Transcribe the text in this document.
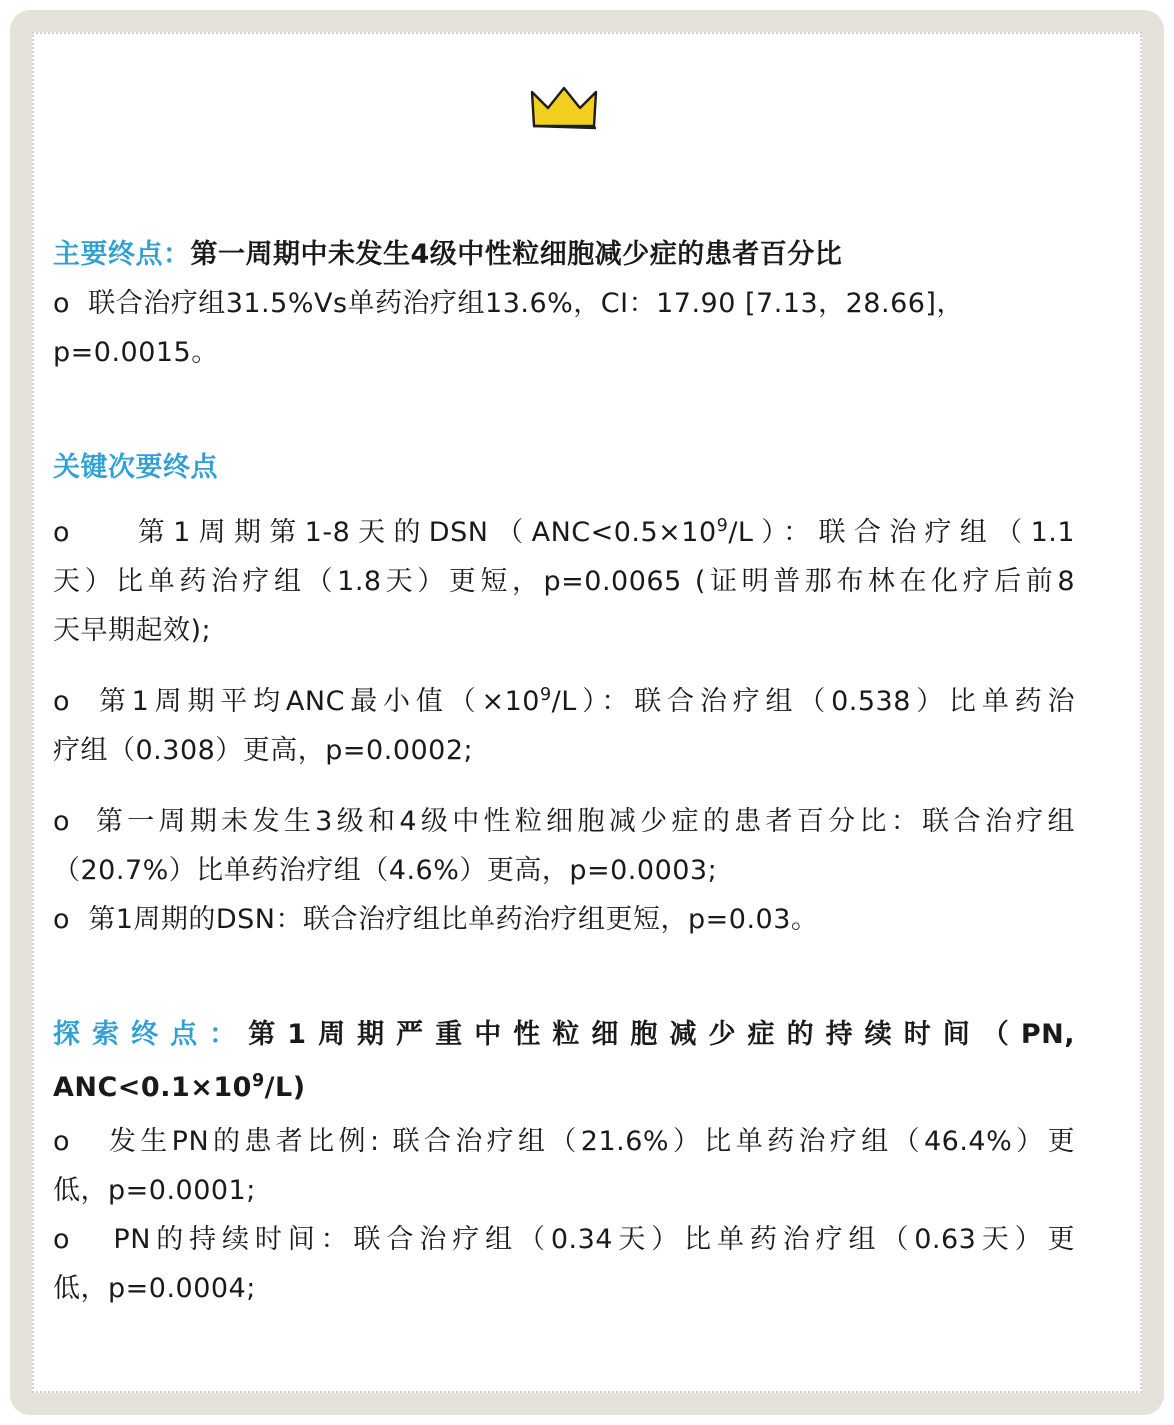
主要终点：第一周期中未发生4级中性粒细胞减少症的患者百分比
o 联合治疗组31.5%Vs单药治疗组13.6%，CI：17.90 [7.13，28.66]，
p=0.0015。
关键次要终点
o	第1周期第1-8天的$DSN(ANC<0.5\times 10^9/L)$：联合治疗组（1.1
天）比单药治疗组（1.8天）更短，p=0.0065 (证明普那布林在化疗后前8
天早期起效);
o 第1周期平均ANC最小值$(\times 10^9/L)$：联合治疗组（0.538）比单药治
疗组（0.308）更高，p=0.0002;
o 第一周期未发生3级和4级中性粒细胞减少症的患者百分比：联合治疗组
（20.7%）比单药治疗组（4.6%）更高，p=0.0003;
o 第1周期的DSN：联合治疗组比单药治疗组更短，p=0.03。
探索终点：第1周期严重中性粒细胞减少症的持续时间（PN,
$ANC<0.1\times 10^9/L$)
o 发生PN的患者比例: 联合治疗组（21.6%）比单药治疗组（46.4%）更
低，p=0.0001;
o PN的持续时间：联合治疗组（0.34天）比单药治疗组（0.63天）更
低，p=0.0004;
